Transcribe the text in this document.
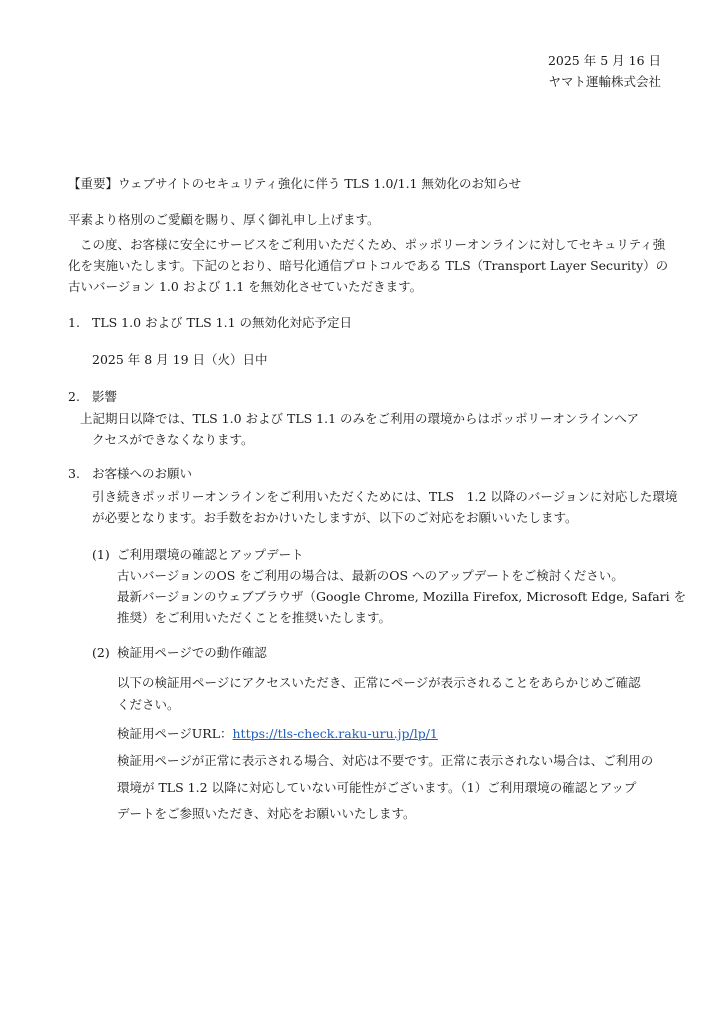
2025 年 5 月 16 日
ヤマト運輸株式会社
【重要】ウェブサイトのセキュリティ強化に伴う TLS 1.0/1.1 無効化のお知らせ
平素より格別のご愛顧を賜り、厚く御礼申し上げます。
この度、お客様に安全にサービスをご利用いただくため、ポッポリーオンラインに対してセキュリティ強
化を実施いたします。下記のとおり、暗号化通信プロトコルである TLS（Transport Layer Security）の
古いバージョン 1.0 および 1.1 を無効化させていただきます。
1. TLS 1.0 および TLS 1.1 の無効化対応予定日
2025 年 8 月 19 日（火）日中
2. 影響
上記期日以降では、TLS 1.0 および TLS 1.1 のみをご利用の環境からはポッポリーオンラインへア
クセスができなくなります。
3. お客様へのお願い
引き続きポッポリーオンラインをご利用いただくためには、TLS　1.2 以降のバージョンに対応した環境
が必要となります。お手数をおかけいたしますが、以下のご対応をお願いいたします。
(1) ご利用環境の確認とアップデート
古いバージョンのOS をご利用の場合は、最新のOS へのアップデートをご検討ください。
最新バージョンのウェブブラウザ（Google Chrome, Mozilla Firefox, Microsoft Edge, Safari を
推奨）をご利用いただくことを推奨いたします。
(2) 検証用ページでの動作確認
以下の検証用ページにアクセスいただき、正常にページが表示されることをあらかじめご確認
ください。
検証用ページURL：https://tls-check.raku-uru.jp/lp/1
検証用ページが正常に表示される場合、対応は不要です。正常に表示されない場合は、ご利用の
環境が TLS 1.2 以降に対応していない可能性がございます。（1）ご利用環境の確認とアップ
デートをご参照いただき、対応をお願いいたします。
